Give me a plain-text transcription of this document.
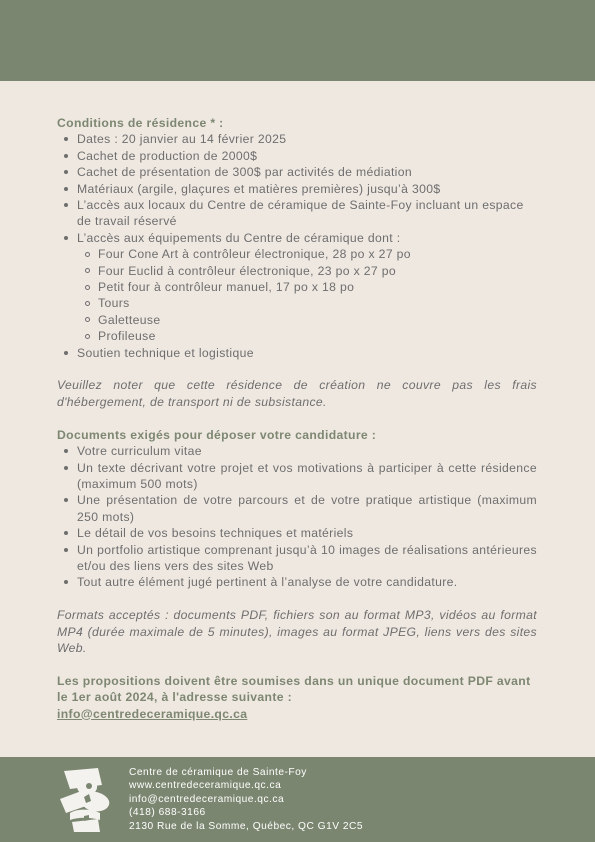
Conditions de résidence * :

Dates : 20 janvier au 14 février 2025
Cachet de production de 2000$
Cachet de présentation de 300$ par activités de médiation
Matériaux (argile, glaçures et matières premières) jusqu’à 300$
L’accès aux locaux du Centre de céramique de Sainte-Foy incluant un espace de travail réservé
L’accès aux équipements du Centre de céramique dont :
Four Cone Art à contrôleur électronique, 28 po x 27 po
Four Euclid à contrôleur électronique, 23 po x 27 po
Petit four à contrôleur manuel, 17 po x 18 po
Tours
Galetteuse
Profileuse
Soutien technique et logistique

Veuillez noter que cette résidence de création ne couvre pas les frais d'hébergement, de transport ni de subsistance.

Documents exigés pour déposer votre candidature :

Votre curriculum vitae
Un texte décrivant votre projet et vos motivations à participer à cette résidence (maximum 500 mots)
Une présentation de votre parcours et de votre pratique artistique (maximum 250 mots)
Le détail de vos besoins techniques et matériels
Un portfolio artistique comprenant jusqu’à 10 images de réalisations antérieures et/ou des liens vers des sites Web
Tout autre élément jugé pertinent à l’analyse de votre candidature.

Formats acceptés : documents PDF, fichiers son au format MP3, vidéos au format MP4 (durée maximale de 5 minutes), images au format JPEG, liens vers des sites Web.

Les propositions doivent être soumises dans un unique document PDF avant le 1er août 2024, à l'adresse suivante :
info@centredeceramique.qc.ca

Centre de céramique de Sainte-Foy
www.centredeceramique.qc.ca
info@centredeceramique.qc.ca
(418) 688-3166
2130 Rue de la Somme, Québec, QC G1V 2C5
